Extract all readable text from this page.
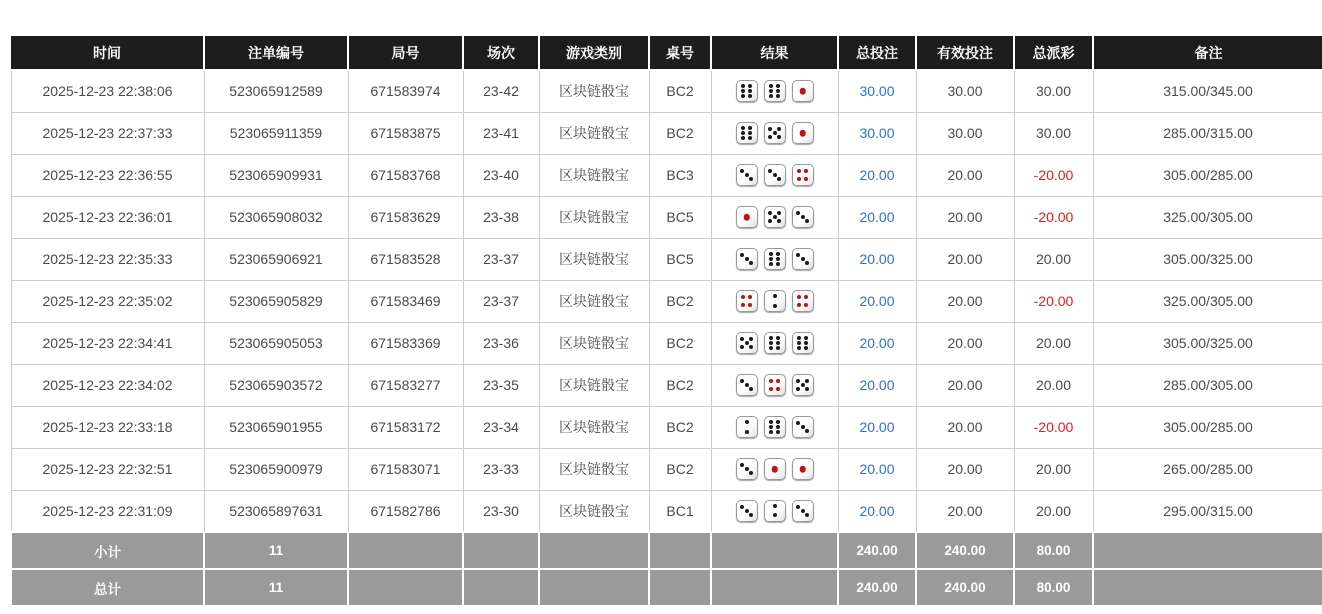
时间	注单编号	局号	场次	游戏类别	桌号	结果	总投注	有效投注	总派彩	备注
2025-12-23 22:38:06	523065912589	671583974	23-42	区块链骰宝	BC2		30.00	30.00	30.00	315.00/345.00
2025-12-23 22:37:33	523065911359	671583875	23-41	区块链骰宝	BC2		30.00	30.00	30.00	285.00/315.00
2025-12-23 22:36:55	523065909931	671583768	23-40	区块链骰宝	BC3		20.00	20.00	-20.00	305.00/285.00
2025-12-23 22:36:01	523065908032	671583629	23-38	区块链骰宝	BC5		20.00	20.00	-20.00	325.00/305.00
2025-12-23 22:35:33	523065906921	671583528	23-37	区块链骰宝	BC5		20.00	20.00	20.00	305.00/325.00
2025-12-23 22:35:02	523065905829	671583469	23-37	区块链骰宝	BC2		20.00	20.00	-20.00	325.00/305.00
2025-12-23 22:34:41	523065905053	671583369	23-36	区块链骰宝	BC2		20.00	20.00	20.00	305.00/325.00
2025-12-23 22:34:02	523065903572	671583277	23-35	区块链骰宝	BC2		20.00	20.00	20.00	285.00/305.00
2025-12-23 22:33:18	523065901955	671583172	23-34	区块链骰宝	BC2		20.00	20.00	-20.00	305.00/285.00
2025-12-23 22:32:51	523065900979	671583071	23-33	区块链骰宝	BC2		20.00	20.00	20.00	265.00/285.00
2025-12-23 22:31:09	523065897631	671582786	23-30	区块链骰宝	BC1		20.00	20.00	20.00	295.00/315.00
小计	11						240.00	240.00	80.00	
总计	11						240.00	240.00	80.00	
